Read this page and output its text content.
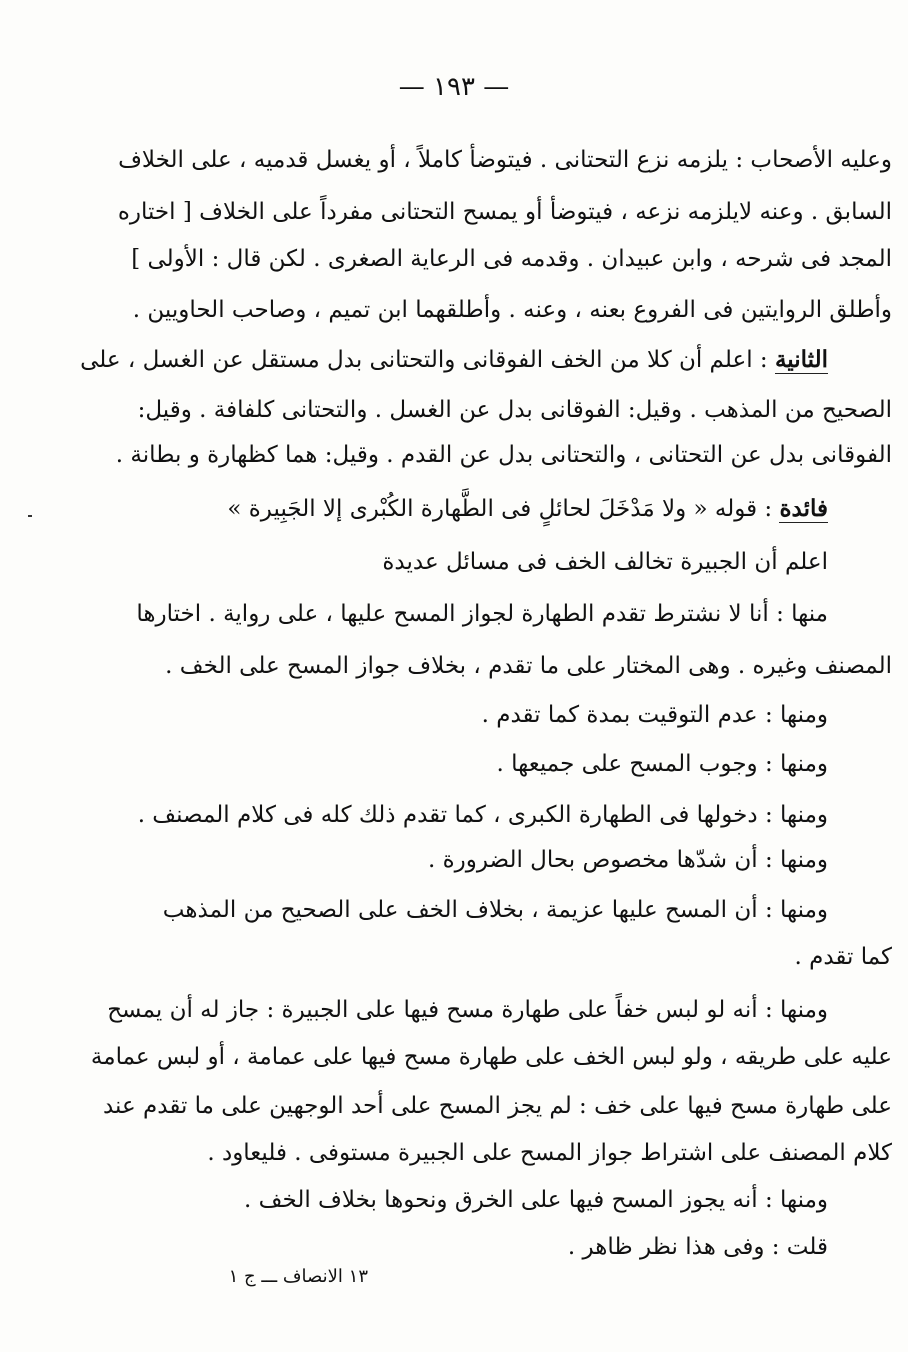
— ١٩٣ —
وعليه الأصحاب : يلزمه نزع التحتانى . فيتوضأ كاملاً ، أو يغسل قدميه ، على الخلاف
السابق . وعنه لايلزمه نزعه ، فيتوضأ أو يمسح التحتانى مفرداً على الخلاف [ اختاره
المجد فى شرحه ، وابن عبيدان . وقدمه فى الرعاية الصغرى . لكن قال : الأولى ]
وأطلق الروايتين فى الفروع بعنه ، وعنه . وأطلقهما ابن تميم ، وصاحب الحاويين .
الثانية : اعلم أن كلا من الخف الفوقانى والتحتانى بدل مستقل عن الغسل ، على
الصحيح من المذهب . وقيل: الفوقانى بدل عن الغسل . والتحتانى كلفافة . وقيل:
الفوقانى بدل عن التحتانى ، والتحتانى بدل عن القدم . وقيل: هما كظهارة و بطانة .
فائدة : قوله « ولا مَدْخَلَ لحائلٍ فى الطَّهارة الكُبْرى إلا الجَبِيرة »
اعلم أن الجبيرة تخالف الخف فى مسائل عديدة
منها : أنا لا نشترط تقدم الطهارة لجواز المسح عليها ، على رواية . اختارها
المصنف وغيره . وهى المختار على ما تقدم ، بخلاف جواز المسح على الخف .
ومنها : عدم التوقيت بمدة كما تقدم .
ومنها : وجوب المسح على جميعها .
ومنها : دخولها فى الطهارة الكبرى ، كما تقدم ذلك كله فى كلام المصنف .
ومنها : أن شدّها مخصوص بحال الضرورة .
ومنها : أن المسح عليها عزيمة ، بخلاف الخف على الصحيح من المذهب
كما تقدم .
ومنها : أنه لو لبس خفاً على طهارة مسح فيها على الجبيرة : جاز له أن يمسح
عليه على طريقه ، ولو لبس الخف على طهارة مسح فيها على عمامة ، أو لبس عمامة
على طهارة مسح فيها على خف : لم يجز المسح على أحد الوجهين على ما تقدم عند
كلام المصنف على اشتراط جواز المسح على الجبيرة مستوفى . فليعاود .
ومنها : أنه يجوز المسح فيها على الخرق ونحوها بخلاف الخف .
قلت : وفى هذا نظر ظاهر .
١٣ الانصاف ـــ ج ١
